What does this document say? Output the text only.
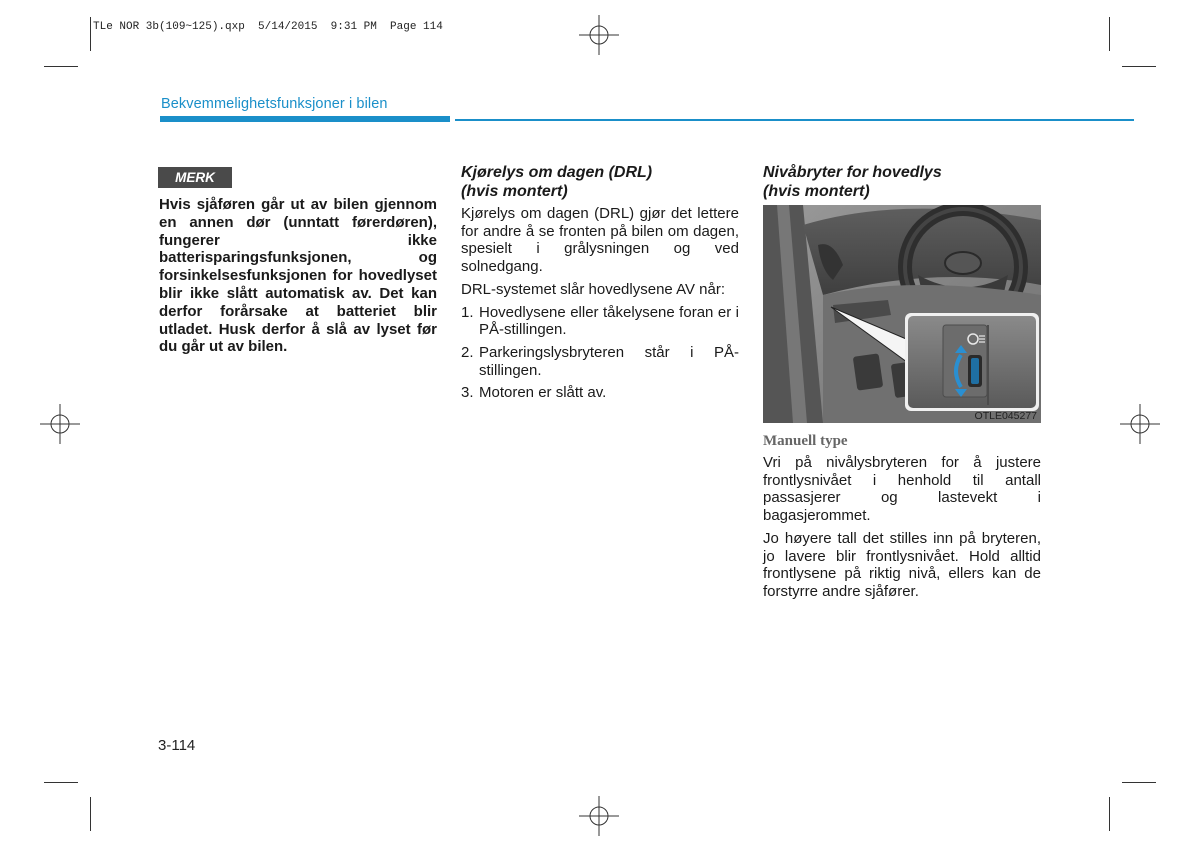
TLe NOR 3b(109~125).qxp  5/14/2015  9:31 PM  Page 114
Bekvemmelighetsfunksjoner i bilen
MERK
Hvis sjåføren går ut av bilen gjennom en annen dør (unntatt førerdøren), fungerer ikke batterisparingsfunksjonen, og forsinkelsesfunksjonen for hovedlyset blir ikke slått automatisk av. Det kan derfor forårsake at batteriet blir utladet. Husk derfor å slå av lyset før du går ut av bilen.
Kjørelys om dagen (DRL)
(hvis montert)

Kjørelys om dagen (DRL) gjør det lettere for andre å se fronten på bilen om dagen, spesielt i grålysningen og ved solnedgang.

DRL-systemet slår hovedlysene AV når:

1. Hovedlysene eller tåkelysene foran er i PÅ-stillingen.
2. Parkeringslysbryteren står i PÅ-stillingen.
3. Motoren er slått av.
Nivåbryter for hovedlys
(hvis montert)
OTLE045277
Manuell type

Vri på nivålysbryteren for å justere frontlysnivået i henhold til antall passasjerer og lastevekt i bagasjerommet.

Jo høyere tall det stilles inn på bryteren, jo lavere blir frontlysnivået. Hold alltid frontlysene på riktig nivå, ellers kan de forstyrre andre sjåfører.

3-114
